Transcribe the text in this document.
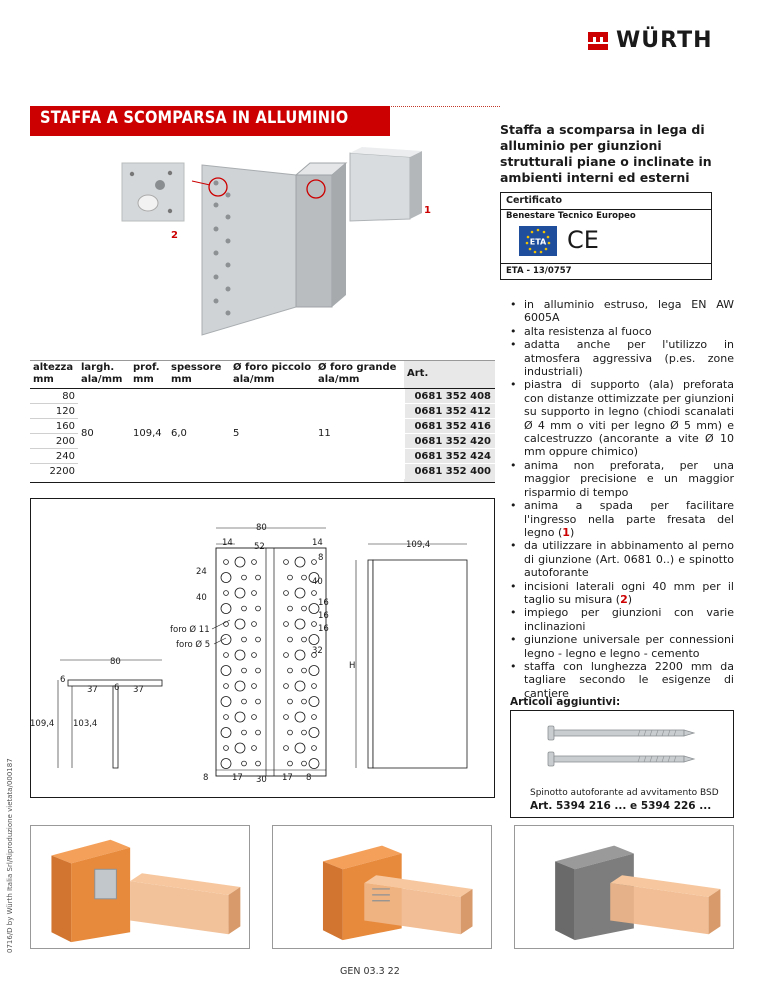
WÜRTH
STAFFA A SCOMPARSA IN ALLUMINIO
Staffa a scomparsa in lega di alluminio per giunzioni strutturali piane o inclinate in ambienti interni ed esterni
Certificato
Benestare Tecnico Europeo
ETA CE
ETA - 13/0757
1
2
altezza mm	largh. ala/mm	prof. mm	spessore mm	Ø foro piccolo ala/mm	Ø foro grande ala/mm	Art.
80	80	109,4	6,0	5	11	0681 352 408
120						0681 352 412
160						0681 352 416
200						0681 352 420
240						0681 352 424
2200						0681 352 400
80
14 52	14
8
24
40
40	16
16
16
32
foro Ø 11
foro Ø 5
8	17 30 17 8
109,4
H
80
6
37 6 37
109,4 103,4
• in alluminio estruso, lega EN AW 6005A
• alta resistenza al fuoco
• adatta anche per l'utilizzo in atmosfera aggressiva (p.es. zone industriali)
• piastra di supporto (ala) preforata con distanze ottimizzate per giunzioni su supporto in legno (chiodi scanalati Ø 4 mm o viti per legno Ø 5 mm) e calcestruzzo (ancorante a vite Ø 10 mm oppure chimico)
• anima non preforata, per una maggior precisione e un maggior risparmio di tempo
• anima a spada per facilitare l'ingresso nella parte fresata del legno (1)
• da utilizzare in abbinamento al perno di giunzione (Art. 0681 0..) e spinotto autoforante
• incisioni laterali ogni 40 mm per il taglio su misura (2)
• impiego per giunzioni con varie inclinazioni
• giunzione universale per connessioni legno - legno e legno - cemento
• staffa con lunghezza 2200 mm da tagliare secondo le esigenze di cantiere
Articoli aggiuntivi:
Spinotto autoforante ad avvitamento BSD
Art. 5394 216 ... e 5394 226 ...
0716/D by Würth Italia Srl/Riproduzione vietata/000187
GEN 03.3 22
